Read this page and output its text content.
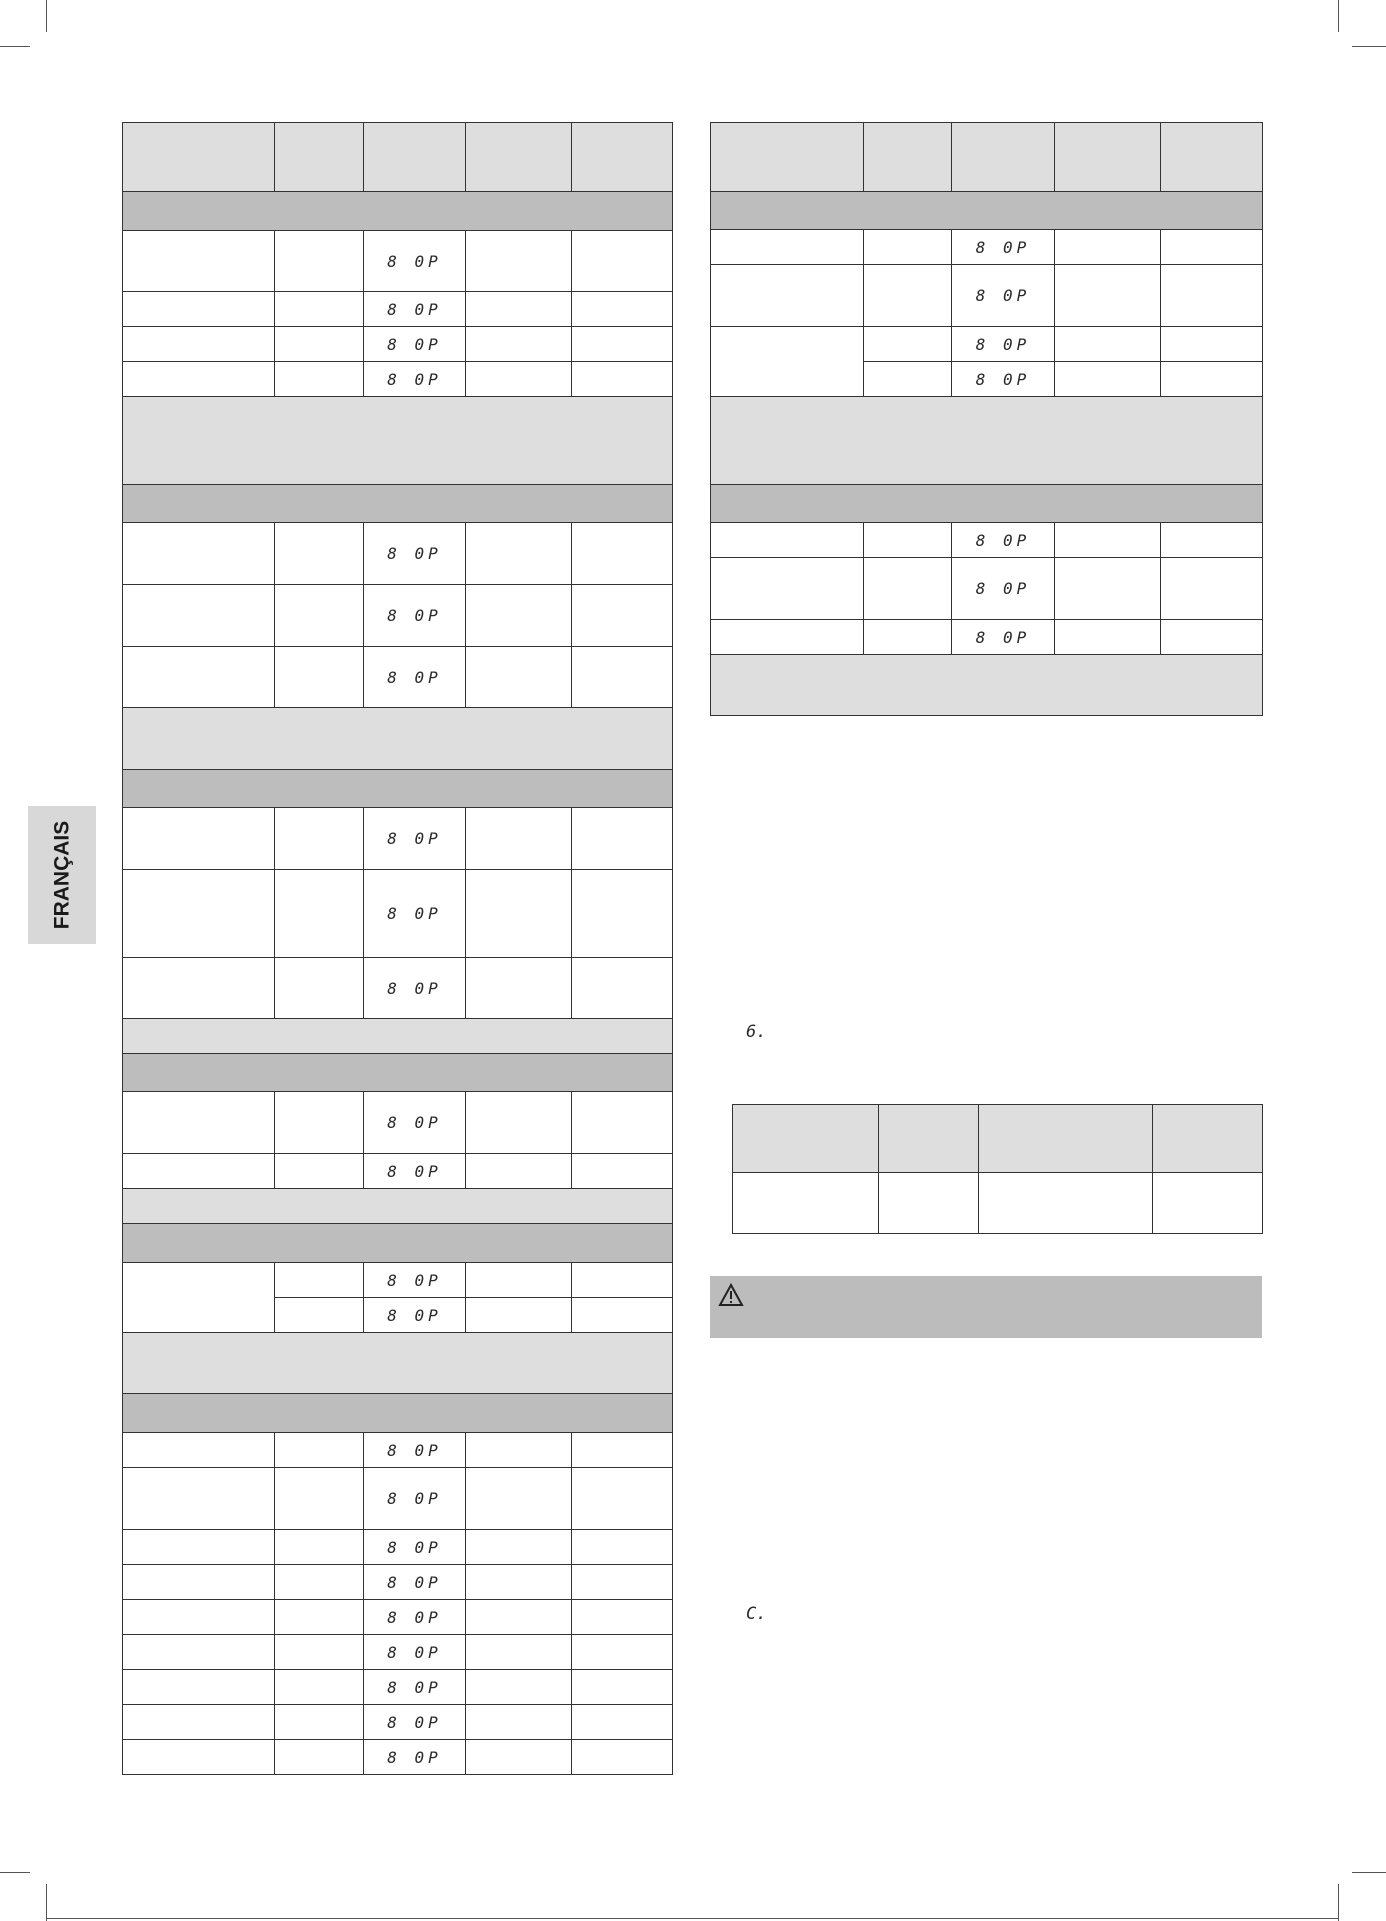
FRANÇAIS

		8 0P		

		8 0P		

		8 0P		

		8 0P		

		8 0P		

		8 0P		

		8 0P		

		8 0P		

		8 0P		

		8 0P		

		8 0P		

		8 0P		

		8 0P		

		8 0P		

		8 0P		

		8 0P		

		8 0P		

		8 0P		

		8 0P		

		8 0P		

		8 0P		

		8 0P		

		8 0P		

		8 0P		

		8 0P		

		8 0P		

		8 0P		

		8 0P		

		8 0P		

		8 0P		

6.

C.
